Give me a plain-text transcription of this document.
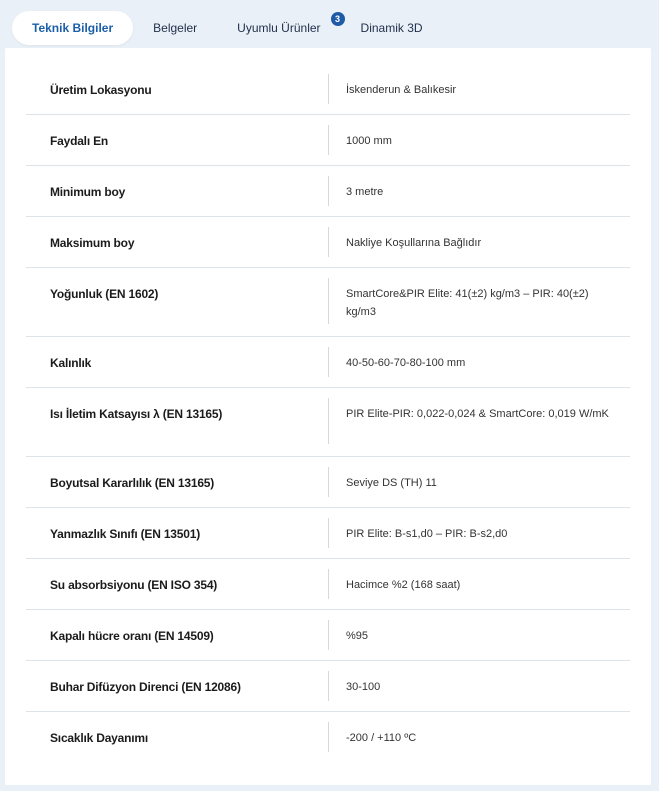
Teknik Bilgiler	Belgeler	Uyumlu Ürünler
3
Dinamik 3D
Üretim Lokasyonu	İskenderun & Balıkesir
Faydalı En	1000 mm
Minimum boy	3 metre
Maksimum boy	Nakliye Koşullarına Bağlıdır
Yoğunluk (EN 1602)	SmartCore&PIR Elite: 41(±2) kg/m3 – PIR: 40(±2) kg/m3
Kalınlık	40-50-60-70-80-100 mm
Isı İletim Katsayısı λ (EN 13165)	PIR Elite-PIR: 0,022-0,024 & SmartCore: 0,019 W/mK
Boyutsal Kararlılık (EN 13165)	Seviye DS (TH) 11
Yanmazlık Sınıfı (EN 13501)	PIR Elite: B-s1,d0 – PIR: B-s2,d0
Su absorbsiyonu (EN ISO 354)	Hacimce %2 (168 saat)
Kapalı hücre oranı (EN 14509)	%95
Buhar Difüzyon Direnci (EN 12086)	30-100
Sıcaklık Dayanımı	-200 / +110 ºC
